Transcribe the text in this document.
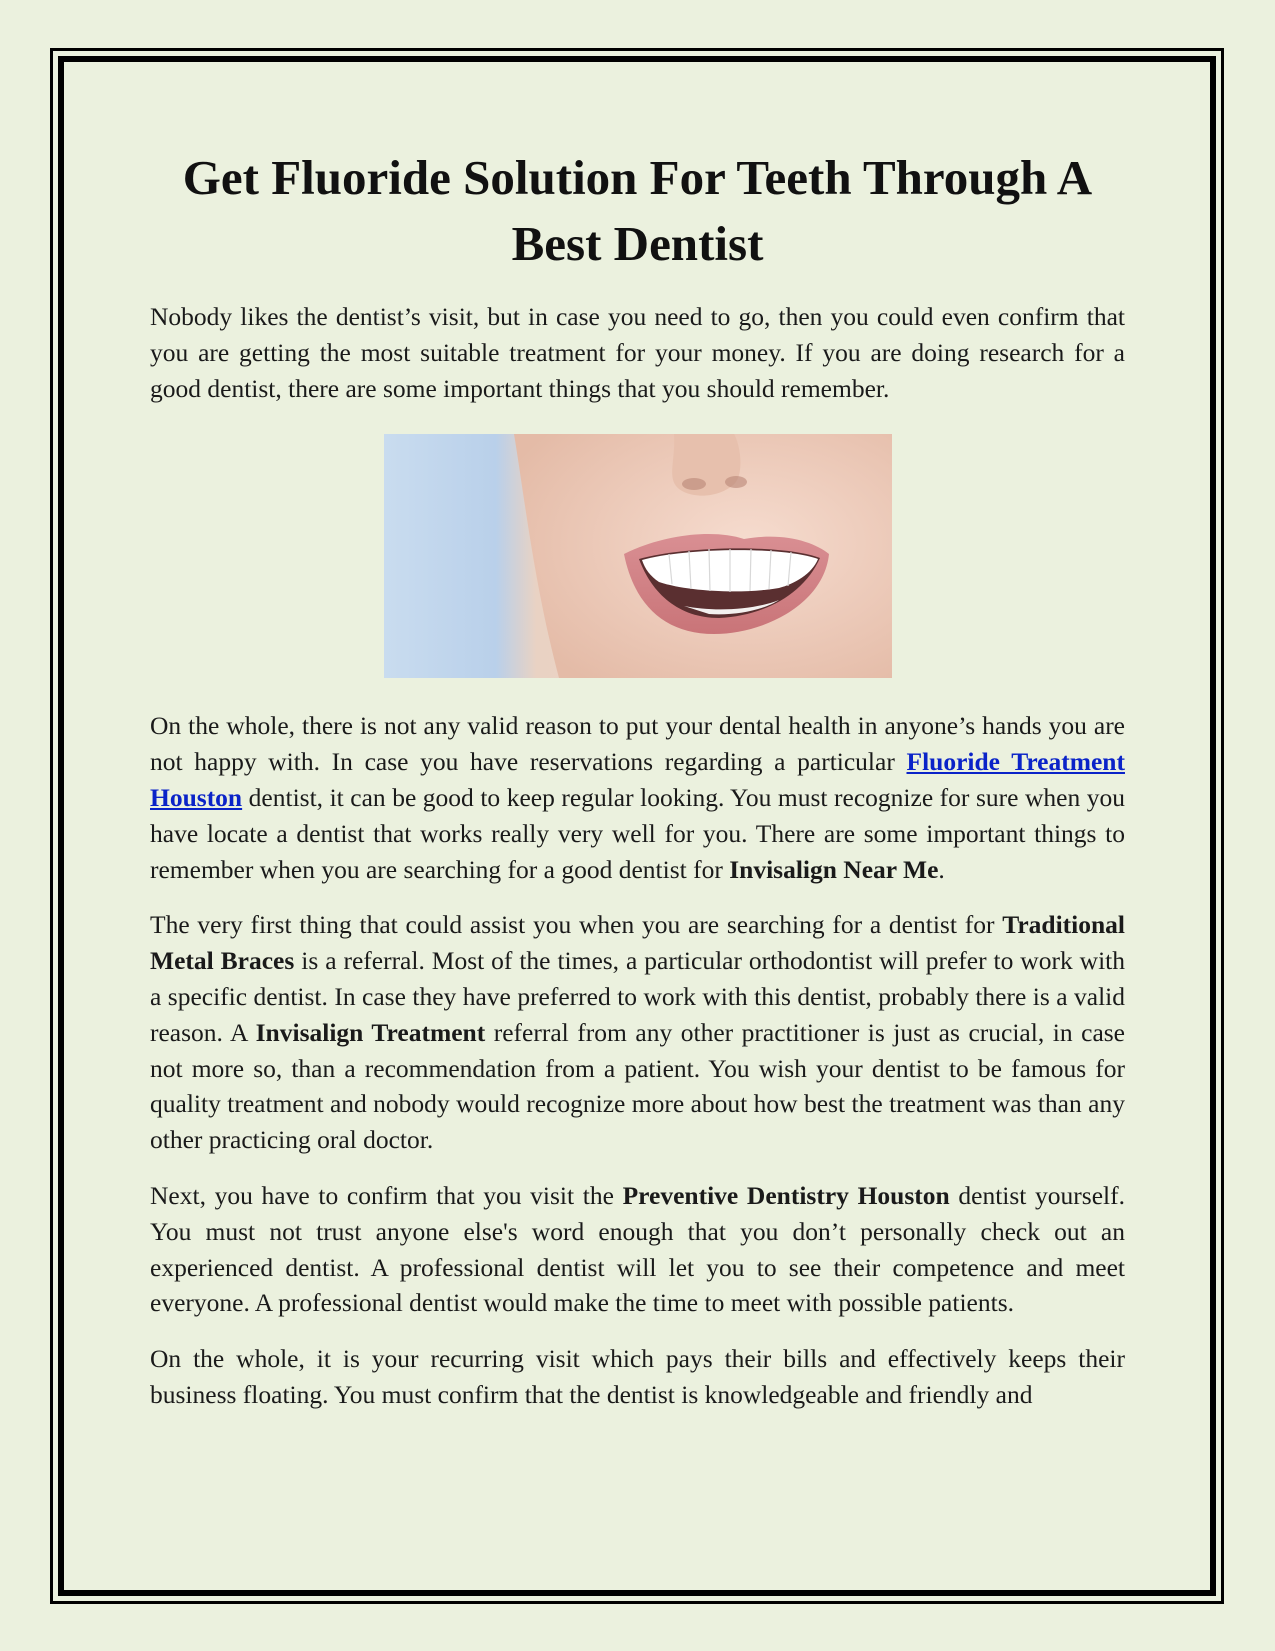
Get Fluoride Solution For Teeth Through A Best Dentist

Nobody likes the dentist’s visit, but in case you need to go, then you could even confirm that you are getting the most suitable treatment for your money. If you are doing research for a good dentist, there are some important things that you should remember.

On the whole, there is not any valid reason to put your dental health in anyone’s hands you are not happy with. In case you have reservations regarding a particular Fluoride Treatment Houston dentist, it can be good to keep regular looking. You must recognize for sure when you have locate a dentist that works really very well for you. There are some important things to remember when you are searching for a good dentist for Invisalign Near Me.

The very first thing that could assist you when you are searching for a dentist for Traditional Metal Braces is a referral. Most of the times, a particular orthodontist will prefer to work with a specific dentist. In case they have preferred to work with this dentist, probably there is a valid reason. A Invisalign Treatment referral from any other practitioner is just as crucial, in case not more so, than a recommendation from a patient. You wish your dentist to be famous for quality treatment and nobody would recognize more about how best the treatment was than any other practicing oral doctor.

Next, you have to confirm that you visit the Preventive Dentistry Houston dentist yourself. You must not trust anyone else's word enough that you don’t personally check out an experienced dentist. A professional dentist will let you to see their competence and meet everyone. A professional dentist would make the time to meet with possible patients.

On the whole, it is your recurring visit which pays their bills and effectively keeps their business floating. You must confirm that the dentist is knowledgeable and friendly and
